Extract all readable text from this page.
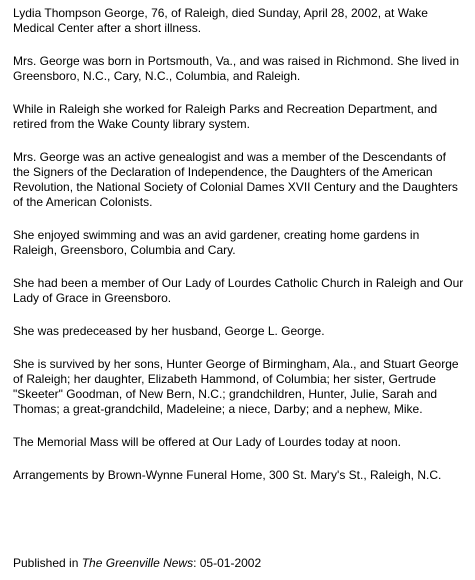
Lydia Thompson George, 76, of Raleigh, died Sunday, April 28, 2002, at Wake Medical Center after a short illness.

Mrs. George was born in Portsmouth, Va., and was raised in Richmond. She lived in Greensboro, N.C., Cary, N.C., Columbia, and Raleigh.

While in Raleigh she worked for Raleigh Parks and Recreation Department, and retired from the Wake County library system.

Mrs. George was an active genealogist and was a member of the Descendants of the Signers of the Declaration of Independence, the Daughters of the American Revolution, the National Society of Colonial Dames XVII Century and the Daughters of the American Colonists.

She enjoyed swimming and was an avid gardener, creating home gardens in Raleigh, Greensboro, Columbia and Cary.

She had been a member of Our Lady of Lourdes Catholic Church in Raleigh and Our Lady of Grace in Greensboro.

She was predeceased by her husband, George L. George.

She is survived by her sons, Hunter George of Birmingham, Ala., and Stuart George of Raleigh; her daughter, Elizabeth Hammond, of Columbia; her sister, Gertrude "Skeeter" Goodman, of New Bern, N.C.; grandchildren, Hunter, Julie, Sarah and Thomas; a great-grandchild, Madeleine; a niece, Darby; and a nephew, Mike.

The Memorial Mass will be offered at Our Lady of Lourdes today at noon.

Arrangements by Brown-Wynne Funeral Home, 300 St. Mary's St., Raleigh, N.C.

Published in The Greenville News: 05-01-2002
